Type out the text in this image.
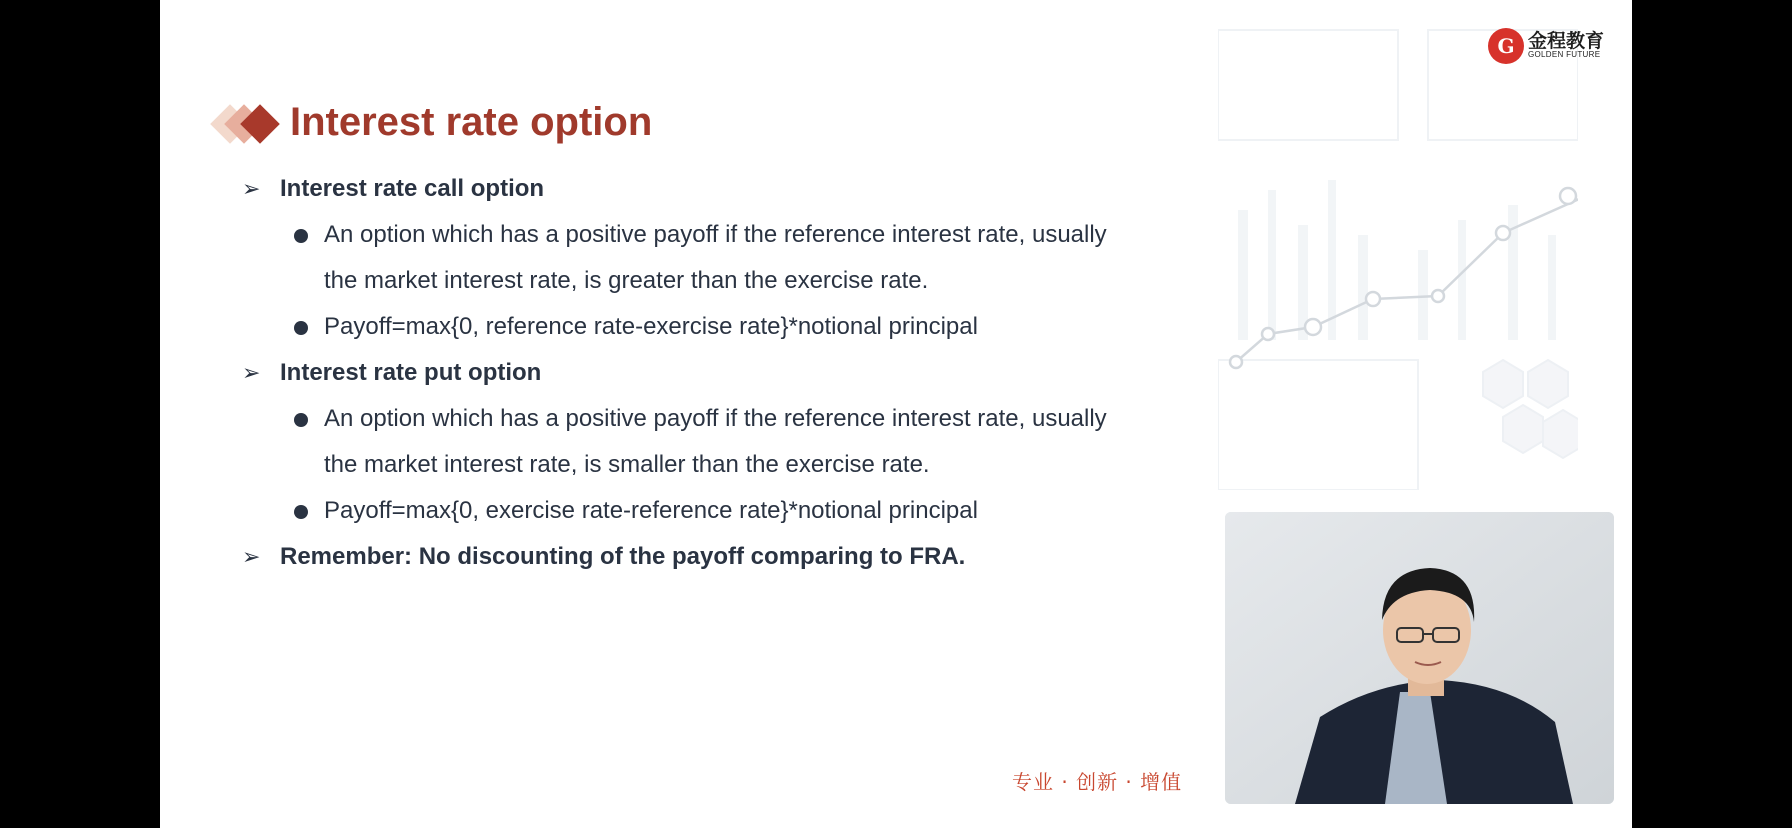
Interest rate option
➢ Interest rate call option
An option which has a positive payoff if the reference interest rate, usually the market interest rate, is greater than the exercise rate.
Payoff=max{0, reference rate-exercise rate}*notional principal
➢ Interest rate put option
An option which has a positive payoff if the reference interest rate, usually the market interest rate, is smaller than the exercise rate.
Payoff=max{0, exercise rate-reference rate}*notional principal
➢ Remember: No discounting of the payoff comparing to FRA.
专业 · 创新 · 增值
G 金程教育
GOLDEN FUTURE
